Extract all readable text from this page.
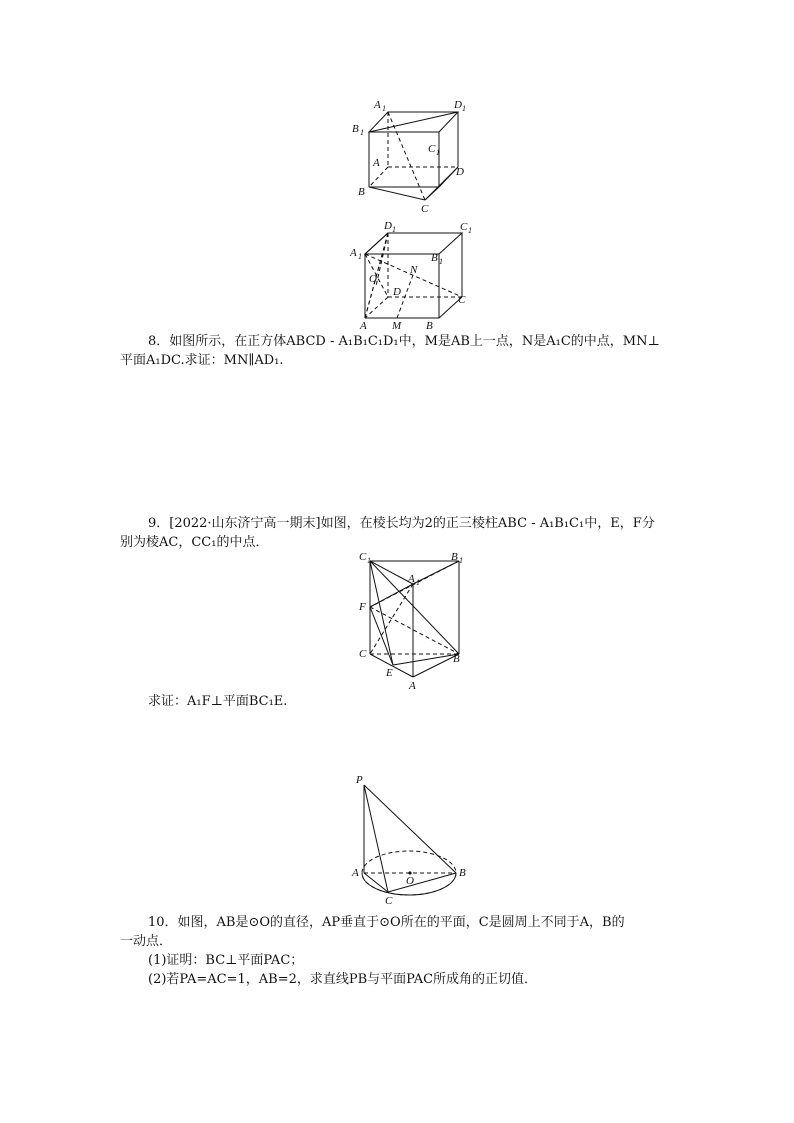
A 1	D 1
B 1
C 1
A
D
B
C
D 1	C 1
A 1	B 1
N
O
D
C
A M B
8．如图所示，在正方体ABCD - A₁B₁C₁D₁中，M是AB上一点，N是A₁C的中点，MN⊥
平面A₁DC.求证：MN∥AD₁.
9．[2022·山东济宁高一期末]如图，在棱长均为2的正三棱柱ABC - A₁B₁C₁中，E，F分
别为棱AC，CC₁的中点．
C 1	B 1
A 1
F
C	B
E
A
求证：A₁F⊥平面BC₁E.
P
A	B
O
C
10．如图，AB是⊙O的直径，AP垂直于⊙O所在的平面，C是圆周上不同于A，B的
一动点．
(1)证明：BC⊥平面PAC；
(2)若PA=AC=1，AB=2，求直线PB与平面PAC所成角的正切值．
